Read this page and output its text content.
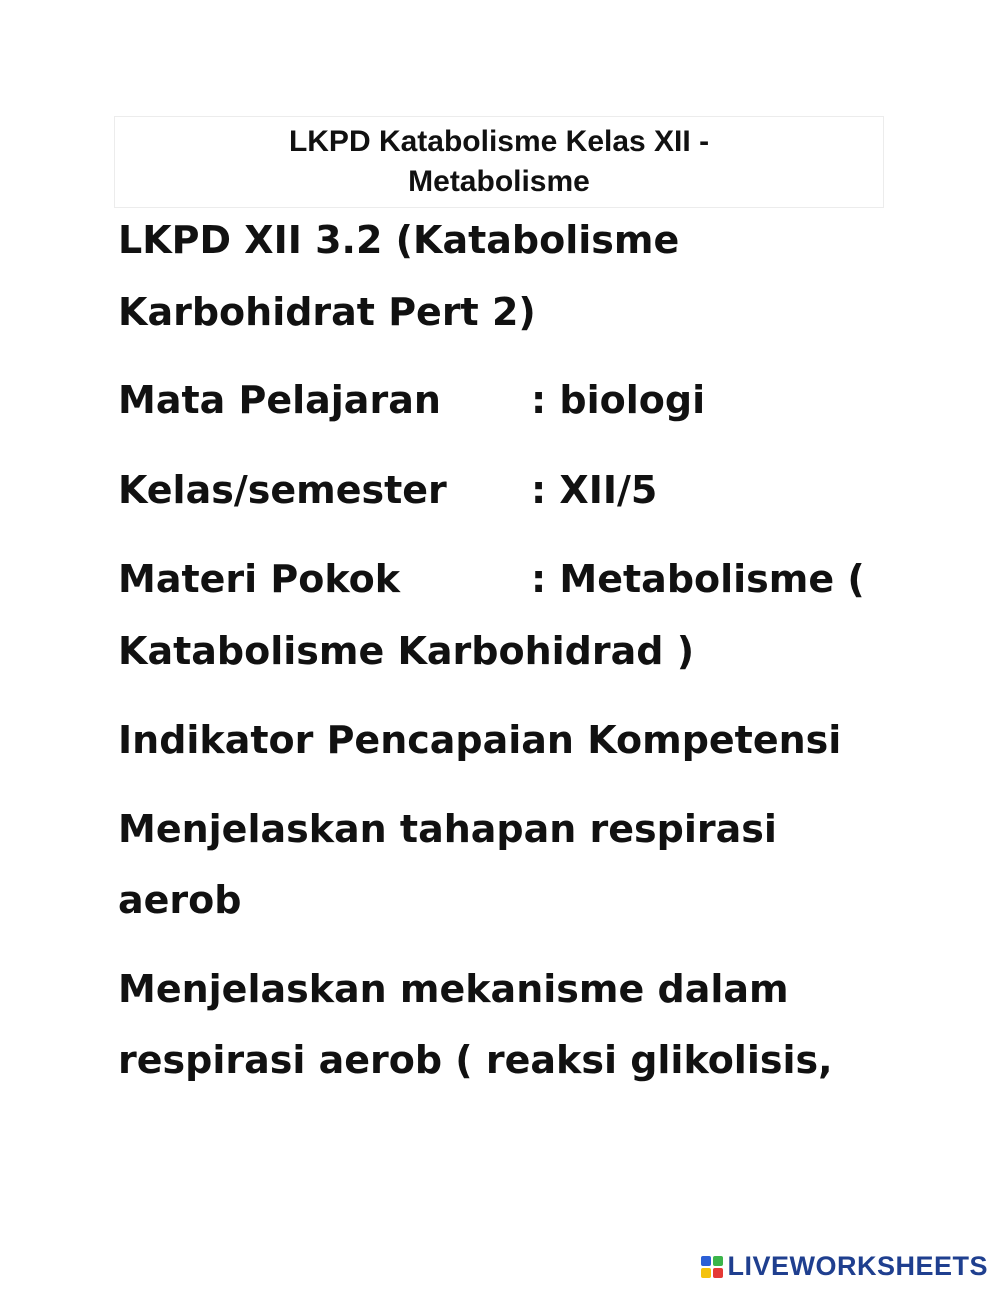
LKPD Katabolisme Kelas XII -
Metabolisme
LKPD XII 3.2 (Katabolisme
Karbohidrat Pert 2)
Mata Pelajaran : biologi
Kelas/semester : XII/5
Materi Pokok	: Metabolisme (
Katabolisme Karbohidrad )
Indikator Pencapaian Kompetensi
Menjelaskan tahapan respirasi
aerob
Menjelaskan mekanisme dalam
respirasi aerob ( reaksi glikolisis,
LIVEWORKSHEETS
